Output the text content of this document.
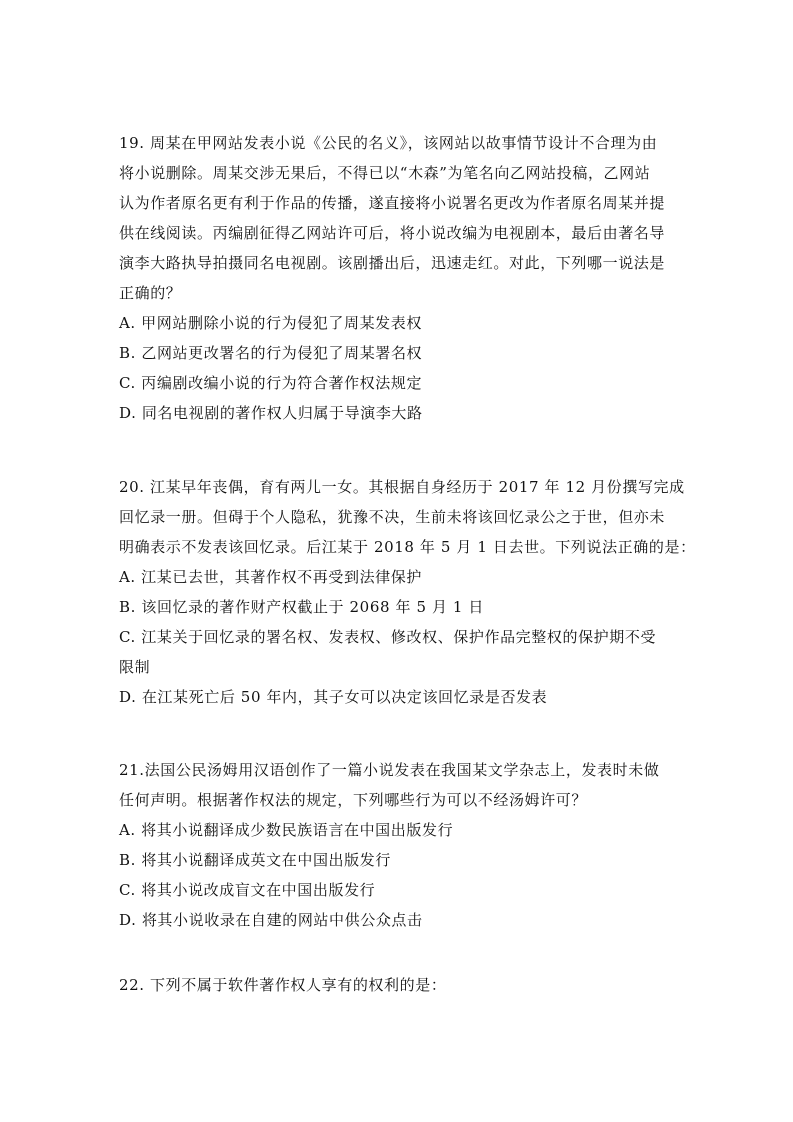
19. 周某在甲网站发表小说《公民的名义》，该网站以故事情节设计不合理为由
将小说删除。周某交涉无果后，不得已以“木森”为笔名向乙网站投稿，乙网站
认为作者原名更有利于作品的传播，遂直接将小说署名更改为作者原名周某并提
供在线阅读。丙编剧征得乙网站许可后，将小说改编为电视剧本，最后由著名导
演李大路执导拍摄同名电视剧。该剧播出后，迅速走红。对此，下列哪一说法是
正确的？
A. 甲网站删除小说的行为侵犯了周某发表权
B. 乙网站更改署名的行为侵犯了周某署名权
C. 丙编剧改编小说的行为符合著作权法规定
D. 同名电视剧的著作权人归属于导演李大路
20. 江某早年丧偶，育有两儿一女。其根据自身经历于 2017 年 12 月份撰写完成
回忆录一册。但碍于个人隐私，犹豫不决，生前未将该回忆录公之于世，但亦未
明确表示不发表该回忆录。后江某于 2018 年 5 月 1 日去世。下列说法正确的是：
A. 江某已去世，其著作权不再受到法律保护
B. 该回忆录的著作财产权截止于 2068 年 5 月 1 日
C. 江某关于回忆录的署名权、发表权、修改权、保护作品完整权的保护期不受
限制
D. 在江某死亡后 50 年内，其子女可以决定该回忆录是否发表
21.法国公民汤姆用汉语创作了一篇小说发表在我国某文学杂志上，发表时未做
任何声明。根据著作权法的规定，下列哪些行为可以不经汤姆许可？
A. 将其小说翻译成少数民族语言在中国出版发行
B. 将其小说翻译成英文在中国出版发行
C. 将其小说改成盲文在中国出版发行
D. 将其小说收录在自建的网站中供公众点击
22. 下列不属于软件著作权人享有的权利的是：
